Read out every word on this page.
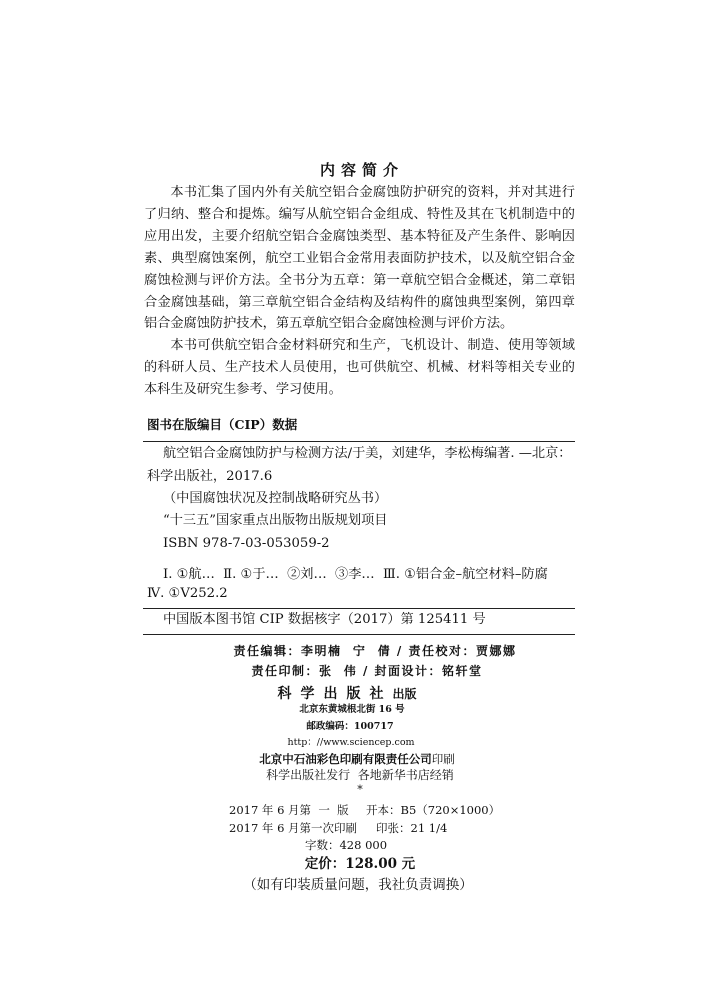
内容简介
本书汇集了国内外有关航空铝合金腐蚀防护研究的资料，并对其进行
了归纳、整合和提炼。编写从航空铝合金组成、特性及其在飞机制造中的
应用出发，主要介绍航空铝合金腐蚀类型、基本特征及产生条件、影响因
素、典型腐蚀案例，航空工业铝合金常用表面防护技术，以及航空铝合金
腐蚀检测与评价方法。全书分为五章：第一章航空铝合金概述，第二章铝
合金腐蚀基础，第三章航空铝合金结构及结构件的腐蚀典型案例，第四章
铝合金腐蚀防护技术，第五章航空铝合金腐蚀检测与评价方法。
本书可供航空铝合金材料研究和生产，飞机设计、制造、使用等领域
的科研人员、生产技术人员使用，也可供航空、机械、材料等相关专业的
本科生及研究生参考、学习使用。
图书在版编目（CIP）数据
航空铝合金腐蚀防护与检测方法/于美，刘建华，李松梅编著. —北京：
科学出版社，2017.6
（中国腐蚀状况及控制战略研究丛书）
“十三五”国家重点出版物出版规划项目
ISBN 978-7-03-053059-2
Ⅰ. ①航…  Ⅱ. ①于…  ②刘…  ③李…  Ⅲ. ①铝合金–航空材料–防腐
Ⅳ. ①V252.2
中国版本图书馆 CIP 数据核字（2017）第 125411 号
责任编辑：李明楠  宁  倩 / 责任校对：贾娜娜
责任印制：张  伟 / 封面设计：铭轩堂
科学出版社出版
北京东黄城根北街 16 号
邮政编码：100717
http：//www.sciencep.com
北京中石油彩色印刷有限责任公司印刷
科学出版社发行  各地新华书店经销
*
2017 年 6 月第  一  版 开本：B5（720×1000）
2017 年 6 月第一次印刷 印张：21 1/4
字数：428 000
定价：128.00 元
（如有印装质量问题，我社负责调换）
